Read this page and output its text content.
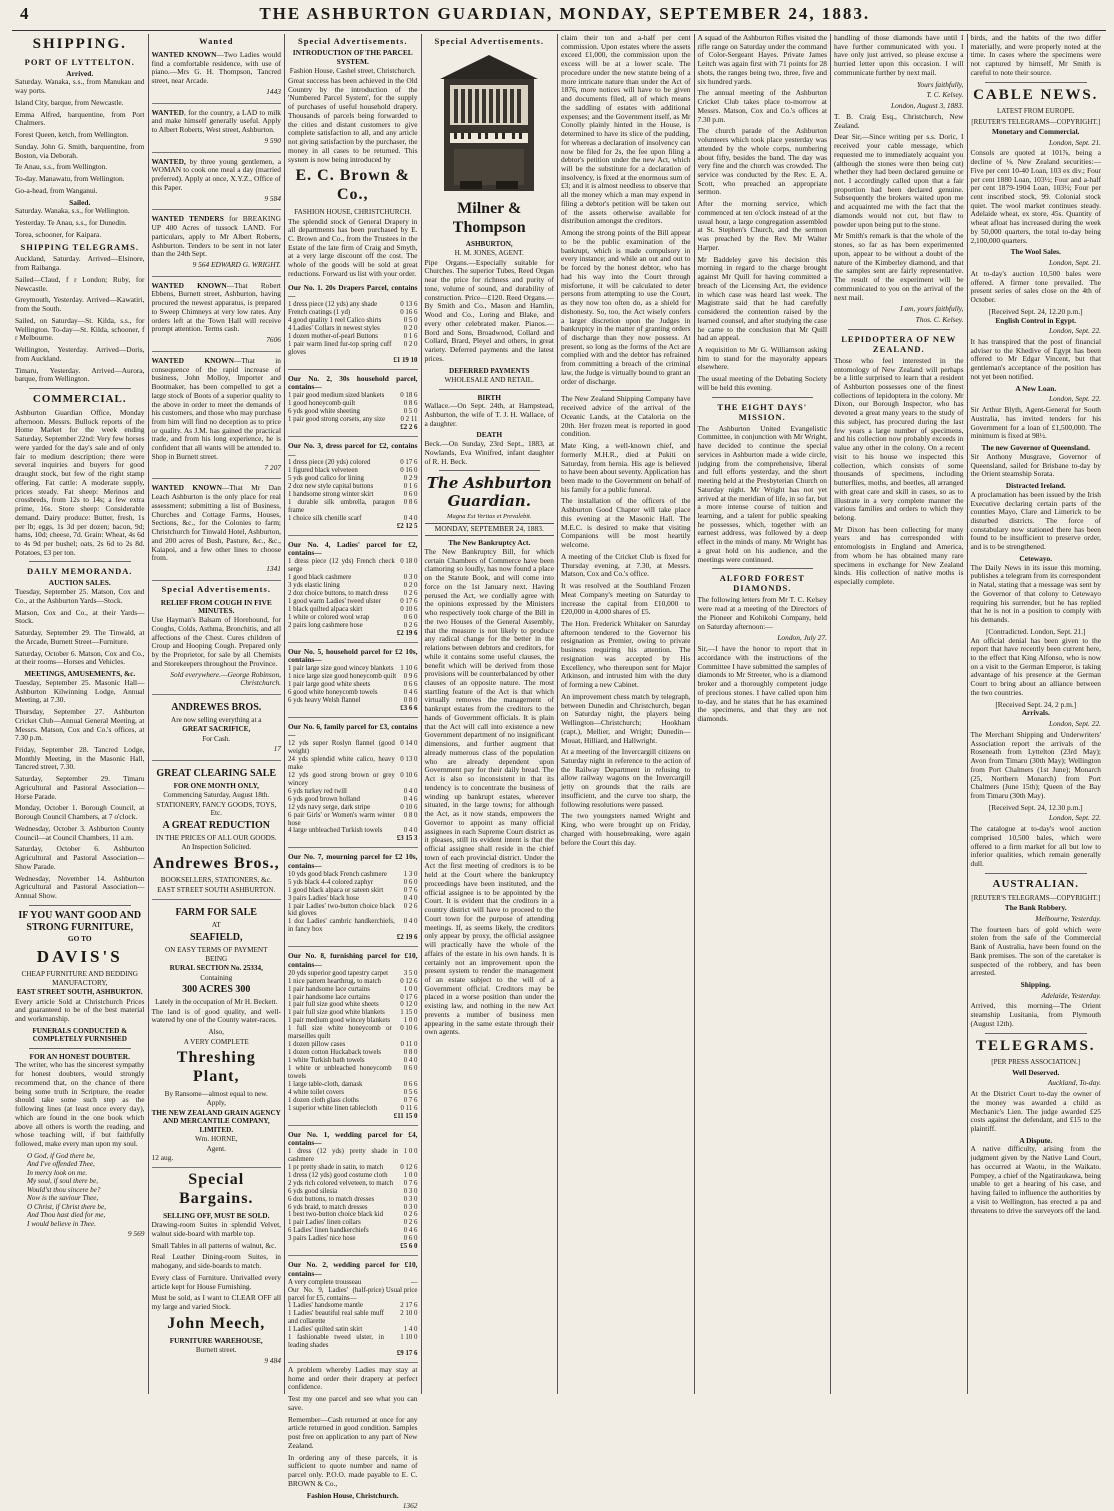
4	THE ASHBURTON GUARDIAN, MONDAY, SEPTEMBER 24, 1883.
SHIPPING.
PORT OF LYTTELTON.
Arrived.
Saturday. Wanaka, s.s., from Manukau and way ports.
Island City, barque, from Newcastle.
Emma Alfred, barquentine, from Port Chalmers.
Forest Queen, ketch, from Wellington.
Sunday. John G. Smith, barquentine, from Boston, via Deborah.
Te Anau, s.s., from Wellington.
To-day. Manawatu, from Wellington.
Go-a-head, from Wanganui.
Sailed.
Saturday. Wanaka, s.s., for Wellington.
Yesterday. Te Anau, s.s., for Dunedin.
Torea, schooner, for Kaipara.
SHIPPING TELEGRAMS.
Auckland, Saturday. Arrived—Elsinore, from Raibanga.
Sailed—Claud, f r London; Ruby, for Newcastle.
Greymouth, Yesterday. Arrived—Kawatiri, from the South.
Sailed, on Saturday—St. Kilda, s.s., for Wellington. To-day—St. Kilda, schooner, f r Melbourne.
Wellington, Yesterday. Arrived—Doris, from Auckland.
Timaru, Yesterday. Arrived—Aurora, barque, from Wellington.
COMMERCIAL.
Ashburton Guardian Office, Monday afternoon. Messrs. Bullock reports of the Home Market for the week ending Saturday, September 22nd: Very few horses were yarded for the day's sale and of only fair to medium description; there were several inquiries and buyers for good draught stock, but few of the right stamp offering. Fat cattle: A moderate supply, prices steady. Fat sheep: Merinos and crossbreds, from 12s to 14s; a few extra prime, 16s. Store sheep: Considerable demand. Dairy produce: Butter, fresh, 1s per lb; eggs, 1s 3d per dozen; bacon, 9d; hams, 10d; cheese, 7d. Grain: Wheat, 4s 6d to 4s 9d per bushel; oats, 2s 6d to 2s 8d. Potatoes, £3 per ton.
DAILY MEMORANDA.
AUCTION SALES.
Tuesday, September 25. Matson, Cox and Co., at the Ashburton Yards—Stock.
Matson, Cox and Co., at their Yards—Stock.
Saturday, September 29. The Tinwald, at the Arcade, Burnett Street—Furniture.
Saturday, October 6. Matson, Cox and Co., at their rooms—Horses and Vehicles.
MEETINGS, AMUSEMENTS, &c.
Tuesday, September 25. Masonic Hall—Ashburton Kilwinning Lodge, Annual Meeting, at 7.30.
Thursday, September 27. Ashburton Cricket Club—Annual General Meeting, at Messrs. Matson, Cox and Co.'s offices, at 7.30 p.m.
Friday, September 28. Tancred Lodge, Monthly Meeting, in the Masonic Hall, Tancred street, 7.30.
Saturday, September 29. Timaru Agricultural and Pastoral Association—Horse Parade.
Monday, October 1. Borough Council, at Borough Council Chambers, at 7 o'clock.
Wednesday, October 3. Ashburton County Council—at Council Chambers, 11 a.m.
Saturday, October 6. Ashburton Agricultural and Pastoral Association—Show Parade.
Wednesday, November 14. Ashburton Agricultural and Pastoral Association—Annual Show.
IF YOU WANT GOOD AND STRONG FURNITURE,
GO TO
DAVIS'S
CHEAP FURNITURE AND BEDDING MANUFACTORY,
EAST STREET SOUTH, ASHBURTON.
Every article Sold at Christchurch Prices and guaranteed to be of the best material and workmanship.
FUNERALS CONDUCTED & COMPLETELY FURNISHED
FOR AN HONEST DOUBTER.
The writer, who has the sincerest sympathy for honest doubters, would strongly recommend that, on the chance of there being some truth in Scripture, the reader should take some such step as the following lines (at least once every day), which are found in the one book which above all others is worth the reading, and whose teaching will, if but faithfully followed, make every man upon my soul.
O God, if God there be,
And I've offended Thee,
In mercy look on me.
My soul, if soul there be,
Would'st thou sincere be?
Now is the saviour Thee,
O Christ, if Christ there be,
And Thou hast died for me,
I would believe in Thee.
9 569
Wanted
WANTED KNOWN—Two Ladies would find a comfortable residence, with use of piano.—Mrs G. H. Thompson, Tancred street, near Arcade.
1443
WANTED, for the country, a LAD to milk and make himself generally useful. Apply to Albert Roberts, West street, Ashburton.
9 590
WANTED, by three young gentlemen, a WOMAN to cook one meal a day (married preferred). Apply at once, X.Y.Z., Office of this Paper.
9 584
WANTED TENDERS for BREAKING UP 400 Acres of tussock LAND. For particulars, apply to Mr Albert Roberts, Ashburton. Tenders to be sent in not later than the 24th Sept.
9 564 EDWARD G. WRIGHT.
WANTED KNOWN—That Robert Ebbens, Burnett street, Ashburton, having procured the newest apparatus, is prepared to Sweep Chimneys at very low rates. Any orders left at the Town Hall will receive prompt attention. Terms cash.
7606
WANTED KNOWN—That in consequence of the rapid increase of business, John Molloy, Importer and Bootmaker, has been compelled to get a large stock of Boots of a superior quality to the above in order to meet the demands of his customers, and those who may purchase from him will find no deception as to price or quality. As J.M. has gained the practical trade, and from his long experience, he is confident that all wants will be attended to. Shop in Burnett street.
7 207
WANTED KNOWN—That Mr Dan Leach Ashburton is the only place for real assessment; submitting a list of Business, Churches and Cottage Farms, Houses, Sections, &c., for the Colonies to farm; Christchurch for Tinwald Hotel, Ashburton, and 200 acres of Bush, Pasture, &c., &c., Kaiapoi, and a few other lines to choose from.
1341
Special Advertisements.
RELIEF FROM COUGH IN FIVE MINUTES.
Use Hayman's Balsam of Horehound, for Coughs, Colds, Asthma, Bronchitis, and all affections of the Chest. Cures children of Croup and Hooping Cough. Prepared only by the Proprietor, for sale by all Chemists and Storekeepers throughout the Province.
Sold everywhere.—George Robinson, Christchurch.
ANDREWES BROS.
Are now selling everything at a
GREAT SACRIFICE,
For Cash.
17
GREAT CLEARING SALE
FOR ONE MONTH ONLY,
Commencing Saturday, August 18th.
STATIONERY, FANCY GOODS, TOYS, Etc.
A GREAT REDUCTION
IN THE PRICES OF ALL OUR GOODS.
An Inspection Solicited.
Andrewes Bros.,
BOOKSELLERS, STATIONERS, &c.
EAST STREET SOUTH ASHBURTON.
FARM FOR SALE
AT
SEAFIELD,
ON EASY TERMS OF PAYMENT
BEING
RURAL SECTION No. 25334,
Containing
300 ACRES 300
Lately in the occupation of Mr H. Beckett.
The land is of good quality, and well-watered by one of the County water-races.
Also,
A VERY COMPLETE
Threshing Plant,
By Ransome—almost equal to new.
Apply,
THE NEW ZEALAND GRAIN AGENCY AND MERCANTILE COMPANY, LIMITED.
Wm. HORNE,
Agent.
12 aug.
Special Bargains.
SELLING OFF, MUST BE SOLD.
Drawing-room Suites in splendid Velvet, walnut side-board with marble top.
Small Tables in all patterns of walnut, &c.
Real Leather Dining-room Suites, in mahogany, and side-boards to match.
Every class of Furniture. Unrivalled every article kept for House Furnishing.
Must be sold, as I want to CLEAR OFF all my large and varied Stock.
John Meech,
FURNITURE WAREHOUSE,
Burnett street.
9 484
Special Advertisements.
INTRODUCTION OF THE PARCEL SYSTEM.
Fashion House, Cashel street, Christchurch.
Great success has been achieved in the Old Country by the introduction of the 'Numbered Parcel System', for the supply of purchases of useful household drapery. Thousands of parcels being forwarded to the cities and distant customers to give complete satisfaction to all, and any article not giving satisfaction by the purchaser, the money in all cases to be returned. This system is now being introduced by
E. C. Brown & Co.,
FASHION HOUSE, CHRISTCHURCH.
The splendid stock of General Drapery in all departments has been purchased by E. C. Brown and Co., from the Trustees in the Estate of the late firm of Craig and Smyth, at a very large discount off the cost. The whole of the goods will be sold at great reductions. Forward us list with your order.
Our No. 1. 20s Drapers Parcel, contains—
1 dress piece (12 yds) any shade	0 13 6
French coatings (1 yd)	0 16 6
4 good quality 1 reel Calico shirts	0 5 0
4 Ladies' Collars in newest styles	0 2 0
1 dozen mother-of-pearl Buttons	0 1 6
1 pair warm lined fur-top spring cuff gloves	0 2 0
	£1 19 10
Our No. 2, 30s household parcel, contains—
1 pair good medium sized blankets	0 18 6
1 good honeycomb quilt	0 8 6
6 yds good white sheeting	0 5 0
1 pair good strong corsets, any size	0 2 11
	£2 2 6
Our No. 3, dress parcel for £2, contains—
1 dress piece (20 yds) colored	0 17 6
1 figured black velveteen	0 16 0
5 yds good calico for lining	0 2 9
2 doz new style capital buttons	0 1 6
1 handsome strong winter skirt	0 6 0
1 durable silk umbrella, paragon frame	0 8 6
1 choice silk chenille scarf	0 4 0
	£2 12 5
Our No. 4, Ladies' parcel for £2, contains—
1 dress piece (12 yds) French check serge	0 18 0
1 good black cashmere	0 3 0
3 yds elastic lining	0 2 0
2 doz choice buttons, to match dress	0 2 6
1 good warm Ladies' tweed ulster	0 17 6
1 black quilted alpaca skirt	0 10 6
1 white or colored wool wrap	0 6 0
2 pairs long cashmere hose	0 2 6
	£2 19 6
Our No. 5, household parcel for £2 10s, contains—
1 pair large size good wincey blankets	1 10 6
1 nice large size good honeycomb quilt	0 9 6
1 pair large good white sheets	0 6 6
6 good white honeycomb towels	0 4 6
6 yds heavy Welsh flannel	0 8 0
	£3 6 6
Our No. 6, family parcel for £3, contains—
12 yds super Roslyn flannel (good weight)	0 14 0
24 yds splendid white calico, heavy make	0 13 0
12 yds good strong brown or grey wincey	0 10 6
6 yds turkey red twill	0 4 0
6 yds good brown holland	0 4 6
12 yds navy serge, dark stripe	0 10 6
6 pair Girls' or Women's warm winter hose	0 8 0
4 large unbleached Turkish towels	0 4 0
	£3 15 3
Our No. 7, mourning parcel for £2 10s, contains—
10 yds good black French cashmere	1 3 0
5 yds black 4-4 colored zaphyr	0 6 0
1 good black alpaca or sateen skirt	0 7 6
3 pairs Ladies' black hose	0 4 0
1 pair Ladies' two-button choice black kid gloves	0 2 6
1 doz Ladies' cambric handkerchiefs, in fancy box	0 4 0
	£2 19 6
Our No. 8, furnishing parcel for £10, contains—
20 yds superior good tapestry carpet	3 5 0
1 nice pattern hearthrug, to match	0 12 6
1 pair handsome lace curtains	1 0 0
1 pair handsome lace curtains	0 17 6
1 pair full size good white sheets	0 12 0
1 pair full size good white blankets	1 15 0
1 pair medium good wincey blankets	1 0 0
1 full size white honeycomb or marseilles quilt	0 10 6
1 dozen pillow cases	0 11 0
1 dozen cotton Huckaback towels	0 8 0
1 white Turkish bath towels	0 4 0
1 white or unbleached honeycomb towels	0 6 0
1 large table-cloth, damask	0 6 6
4 white toilet covers	0 5 6
1 dozen cloth glass cloths	0 7 6
1 superior white linen tablecloth	0 11 6
	£11 15 0
Our No. 1, wedding parcel for £4, contains—
1 dress (12 yds) pretty shade in cashmere	1 0 0
1 pr pretty shade in satin, to match	0 12 6
1 dress (12 yds) good costume cloth	1 0 0
2 yds rich colored velveteen, to match	0 7 6
6 yds good silesia	0 3 0
6 doz buttons, to match dresses	0 3 0
6 yds braid, to match dresses	0 3 0
1 best two-button choice black kid	0 2 6
1 pair Ladies' linen collars	0 2 6
6 Ladies' linen handkerchiefs	0 4 6
3 pairs Ladies' nice hose	0 6 0
	£5 6 0
Our No. 2, wedding parcel for £10, contains—
A very complete trousseau	—
Our No. 9, Ladies' (half-price) parcel for £5, contains—	Usual price
1 Ladies' handsome mantle	2 17 6
1 Ladies' beautiful real sable muff and collarette	2 10 0
1 Ladies' quilted satin skirt	1 4 0
1 fashionable tweed ulster, in leading shades	1 10 0
	£9 17 6
A problem whereby Ladies may stay at home and order their drapery at perfect confidence.
Test my one parcel and see what you can save.
Remember—Cash returned at once for any article returned in good condition. Samples post free on application to any part of New Zealand.
In ordering any of these parcels, it is sufficient to quote number and name of parcel only. P.O.O. made payable to E. C. BROWN & Co.,
Fashion House, Christchurch.
1362
Special Advertisements.
Milner & Thompson
ASHBURTON,
H. M. JONES, AGENT.
Pipe Organs.—Especially suitable for Churches. The superior Tubes, Reed Organ near the price for richness and purity of tone, volume of sound, and durability of construction. Price—£120. Reed Organs.—By Smith and Co., Mason and Hamlin, Wood and Co., Loring and Blake, and every other celebrated maker. Pianos.—Bord and Sons, Broadwood, Collard and Collard, Brard, Pleyel and others, in great variety. Deferred payments and the latest prices.
DEFERRED PAYMENTS
WHOLESALE AND RETAIL.
BIRTH
Wallace.—On Sept. 24th, at Hampstead, Ashburton, the wife of T. J. H. Wallace, of a daughter.
DEATH
Beck.—On Sunday, 23rd Sept., 1883, at Nowlands, Eva Winifred, infant daughter of R. H. Beck.
The Ashburton Guardian.
Magna Est Veritas et Prevalebit.
MONDAY, SEPTEMBER 24, 1883.
The New Bankruptcy Act.
The New Bankruptcy Bill, for which certain Chambers of Commerce have been clamoring so loudly, has now found a place on the Statute Book, and will come into force on the 1st January next. Having perused the Act, we cordially agree with the opinions expressed by the Ministers who respectively took charge of the Bill in the two Houses of the General Assembly, that the measure is not likely to produce any radical change for the better in the relations between debtors and creditors, for while it contains some useful clauses, the benefit which will be derived from those provisions will be counterbalanced by other clauses of an opposite nature. The most startling feature of the Act is that which virtually removes the management of bankrupt estates from the creditors to the hands of Government officials. It is plain that the Act will call into existence a new Government department of no insignificant dimensions, and further augment that already numerous class of the population who are already dependent upon Government pay for their daily bread. The Act is also so inconsistent in that its tendency is to concentrate the business of winding up bankrupt estates, wherever situated, in the large towns; for although the Act, as it now stands, empowers the Governor to appoint as many official assignees in each Supreme Court district as it pleases, still its evident intent is that the official assignee shall reside in the chief town of each provincial district. Under the Act the first meeting of creditors is to be held at the Court where the bankruptcy proceedings have been instituted, and the official assignee is to be appointed by the Court. It is evident that the creditors in a country district will have to proceed to the Court town for the purpose of attending meetings. If, as seems likely, the creditors only appear by proxy, the official assignee will practically have the whole of the affairs of the estate in his own hands. It is certainly not an improvement upon the present system to render the management of an estate subject to the will of a Government official. Creditors may be placed in a worse position than under the existing law, and nothing in the new Act prevents a number of business men appearing in the same estate through their own agents.
claim their ton and a-half per cent commission. Upon estates where the assets exceed £1,000, the commission upon the excess will be at a lower scale. The procedure under the new statute being of a more intricate nature than under the Act of 1876, more notices will have to be given and documents filed, all of which means the saddling of estates with additional expenses; and the Government itself, as Mr Conolly plainly hinted in the House, is determined to have its slice of the pudding, for whereas a declaration of insolvency can now be filed for 2s, the fee upon filing a debtor's petition under the new Act, which will be the substitute for a declaration of insolvency, is fixed at the enormous sum of £3; and it is almost needless to observe that all the money which a man may expend in filing a debtor's petition will be taken out of the assets otherwise available for distribution amongst the creditors.
Among the strong points of the Bill appear to be the public examination of the bankrupt, which is made compulsory in every instance; and while an out and out to be forced by the honest debtor, who has had his way into the Court through misfortune, it will be calculated to deter persons from attempting to use the Court, as they now too often do, as a shield for dishonesty. So, too, the Act wisely confers a larger discretion upon the Judges in bankruptcy in the matter of granting orders of discharge than they now possess. At present, so long as the forms of the Act are complied with and the debtor has refrained from committing a breach of the criminal law, the Judge is virtually bound to grant an order of discharge.
The New Zealand Shipping Company have received advice of the arrival of the Oceanic Lands, at the Cataloria on the 20th. Her frozen meat is reported in good condition.
Mate King, a well-known chief, and formerly M.H.R., died at Pukiti on Saturday, from hernia. His age is believed to have been about seventy. Application has been made to the Government on behalf of his family for a public funeral.
The installation of the officers of the Ashburton Good Chapter will take place this evening at the Masonic Hall. The M.E.C. is desired to make that visiting Companions will be most heartily welcome.
A meeting of the Cricket Club is fixed for Thursday evening, at 7.30, at Messrs. Matson, Cox and Co.'s office.
It was resolved at the Southland Frozen Meat Company's meeting on Saturday to increase the capital from £10,000 to £20,000 in 4,000 shares of £5.
The Hon. Frederick Whitaker on Saturday afternoon tendered to the Governor his resignation as Premier, owing to private business requiring his attention. The resignation was accepted by His Excellency, who thereupon sent for Major Atkinson, and intrusted him with the duty of forming a new Cabinet.
An improvement chess match by telegraph, between Dunedin and Christchurch, began on Saturday night, the players being Wellington—Christchurch; Hookham (capt.), Mellier, and Wright; Dunedin—Mouat, Hilliard, and Hallwright.
At a meeting of the Invercargill citizens on Saturday night in reference to the action of the Railway Department in refusing to allow railway wagons on the Invercargill jetty on grounds that the rails are insufficient, and the curve too sharp, the following resolutions were passed.
The two youngsters named Wright and King, who were brought up on Friday, charged with housebreaking, were again before the Court this day.
A squad of the Ashburton Rifles visited the rifle range on Saturday under the command of Color-Sergeant Hayes. Private James Leitch was again first with 71 points for 28 shots, the ranges being two, three, five and six hundred yards.
The annual meeting of the Ashburton Cricket Club takes place to-morrow at Messrs. Matson, Cox and Co.'s offices at 7.30 p.m.
The church parade of the Ashburton volunteers which took place yesterday was attended by the whole corps, numbering about fifty, besides the band. The day was very fine and the church was crowded. The service was conducted by the Rev. E. A. Scott, who preached an appropriate sermon.
After the morning service, which commenced at ten o'clock instead of at the usual hour, a large congregation assembled at St. Stephen's Church, and the sermon was preached by the Rev. Mr Walter Harper.
Mr Baddeley gave his decision this morning in regard to the charge brought against Mr Quill for having committed a breach of the Licensing Act, the evidence in which case was heard last week. The Magistrate said that he had carefully considered the contention raised by the learned counsel, and after studying the case he came to the conclusion that Mr Quill had an appeal.
A requisition to Mr G. Williamson asking him to stand for the mayoralty appears elsewhere.
The usual meeting of the Debating Society will be held this evening.
THE EIGHT DAYS' MISSION.
The Ashburton United Evangelistic Committee, in conjunction with Mr Wright, have decided to continue the special services in Ashburton made a wide circle, judging from the comprehensive, liberal and full efforts yesterday, and the short meeting held at the Presbyterian Church on Saturday night. Mr Wright has not yet arrived at the meridian of life, in so far, but a more intense course of tuition and learning, and a talent for public speaking he possesses, which, together with an earnest address, was followed by a deep effect in the minds of many. Mr Wright has a great hold on his audience, and the meetings were continued.
ALFORD FOREST DIAMONDS.
The following letters from Mr T. C. Kelsey were read at a meeting of the Directors of the Pioneer and Kohikohi Company, held on Saturday afternoon:—
London, July 27.
Sir,—I have the honor to report that in accordance with the instructions of the Committee I have submitted the samples of diamonds to Mr Streeter, who is a diamond broker and a thoroughly competent judge of precious stones. I have called upon him to-day, and he states that he has examined the specimens, and that they are not diamonds.
handling of those diamonds have until I have further communicated with you. I have only just arrived, so please excuse a hurried letter upon this occasion. I will communicate further by next mail.
Yours faithfully,
T. C. Kelsey.
London, August 3, 1883.
T. B. Craig Esq., Christchurch, New Zealand.
Dear Sir,—Since writing per s.s. Doric, I received your cable message, which requested me to immediately acquaint you (although the stones were then being cut) whether they had been declared genuine or not. I accordingly called upon that a fair proportion had been declared genuine. Subsequently the brokers waited upon me and acquainted me with the fact that the diamonds would not cut, but flaw to powder upon being put to the stone.
Mr Smith's remark is that the whole of the stones, so far as has been experimented upon, appear to be without a doubt of the nature of the Kimberley diamond, and that the samples sent are fairly representative. The result of the experiment will be communicated to you on the arrival of the next mail.
I am, yours faithfully,
Thos. C. Kelsey.
LEPIDOPTERA OF NEW ZEALAND.
Those who feel interested in the entomology of New Zealand will perhaps be a little surprised to learn that a resident of Ashburton possesses one of the finest collections of lepidoptera in the colony. Mr Dixon, our Borough Inspector, who has devoted a great many years to the study of this subject, has procured during the last few years a large number of specimens, and his collection now probably exceeds in value any other in the colony. On a recent visit to his house we inspected this collection, which consists of some thousands of specimens, including butterflies, moths, and beetles, all arranged with great care and skill in cases, so as to illustrate in a very complete manner the various families and orders to which they belong.
Mr Dixon has been collecting for many years and has corresponded with entomologists in England and America, from whom he has obtained many rare specimens in exchange for New Zealand kinds. His collection of native moths is especially complete.
birds, and the habits of the two differ materially, and were properly noted at the time. In cases where the specimens were not captured by himself, Mr Smith is careful to note their source.
CABLE NEWS.
LATEST FROM EUROPE.
[REUTER'S TELEGRAMS—COPYRIGHT.]
Monetary and Commercial.
London, Sept. 21.
Consols are quoted at 101⅞, being a decline of ⅛. New Zealand securities:—Five per cent 10-40 Loan, 103 ex div.; Four per cent 1880 Loan, 103½; Four and a-half per cent 1879-1904 Loan, 103½; Four per cent inscribed stock, 99. Colonial stock quiet. The wool market continues steady. Adelaide wheat, ex store, 45s. Quantity of wheat afloat has increased during the week by 50,000 quarters, the total to-day being 2,100,000 quarters.
The Wool Sales.
London, Sept. 21.
At to-day's auction 10,500 bales were offered. A firmer tone prevailed. The present series of sales close on the 4th of October.
[Received Sept. 24, 12.20 p.m.]
English Control in Egypt.
London, Sept. 22.
It has transpired that the post of financial adviser to the Khedive of Egypt has been offered to Mr Edgar Vincent, but that gentleman's acceptance of the position has not yet been notified.
A New Loan.
London, Sept. 22.
Sir Arthur Blyth, Agent-General for South Australia, has invited tenders for his Government for a loan of £1,500,000. The minimum is fixed at 98½.
The new Governor of Queensland.
Sir Anthony Musgrave, Governor of Queensland, sailed for Brisbane to-day by the Orient steamship Sorata.
Distracted Ireland.
A proclamation has been issued by the Irish Executive declaring certain parts of the counties Mayo, Clare and Limerick to be disturbed districts. The force of constabulary now stationed there has been found to be insufficient to preserve order, and is to be strengthened.
Cetewayo.
The Daily News in its issue this morning, publishes a telegram from its correspondent in Natal, stating that a message was sent by the Governor of that colony to Cetewayo requiring his surrender, but he has replied that he is not in a position to comply with his demands.
[Contradicted. London, Sept. 21.]
An official denial has been given to the report that have recently been current here, to the effect that King Alfonso, who is now on a visit to the German Emperor, is taking advantage of his presence at the German Court to bring about an alliance between the two countries.
[Received Sept. 24, 2 p.m.]
Arrivals.
London, Sept. 22.
The Merchant Shipping and Underwriters' Association report the arrivals of the Roseneath from Lyttelton (23rd May); Avon from Timaru (30th May); Wellington from Port Chalmers (1st June); Monarch (25, Northern Monarch) from Port Chalmers (June 15th); Queen of the Bay from Timaru (30th May).
[Received Sept. 24, 12.30 p.m.]
London, Sept. 22.
The catalogue at to-day's wool auction comprised 10,500 bales, which were offered to a firm market for all but low to inferior qualities, which remain generally dull.
AUSTRALIAN.
[REUTER'S TELEGRAMS—COPYRIGHT.]
The Bank Robbery.
Melbourne, Yesterday.
The fourteen bars of gold which were stolen from the safe of the Commercial Bank of Australia, have been found on the Bank premises. The son of the caretaker is suspected of the robbery, and has been arrested.
Shipping.
Adelaide, Yesterday.
Arrived, this morning—The Orient steamship Lusitania, from Plymouth (August 12th).
TELEGRAMS.
[PER PRESS ASSOCIATION.]
Well Deserved.
Auckland, To-day.
At the District Court to-day the owner of the money was awarded a child as Mechanic's Lien. The judge awarded £25 costs against the defendant, and £15 to the plaintiff.
A Dispute.
A native difficulty, arising from the judgment given by the Native Land Court, has occurred at Waotu, in the Waikato. Pompey, a chief of the Ngatiraukawa, being unable to get a hearing of his case, and having failed to influence the authorities by a visit to Wellington, has erected a pa and threatens to drive the surveyors off the land.
